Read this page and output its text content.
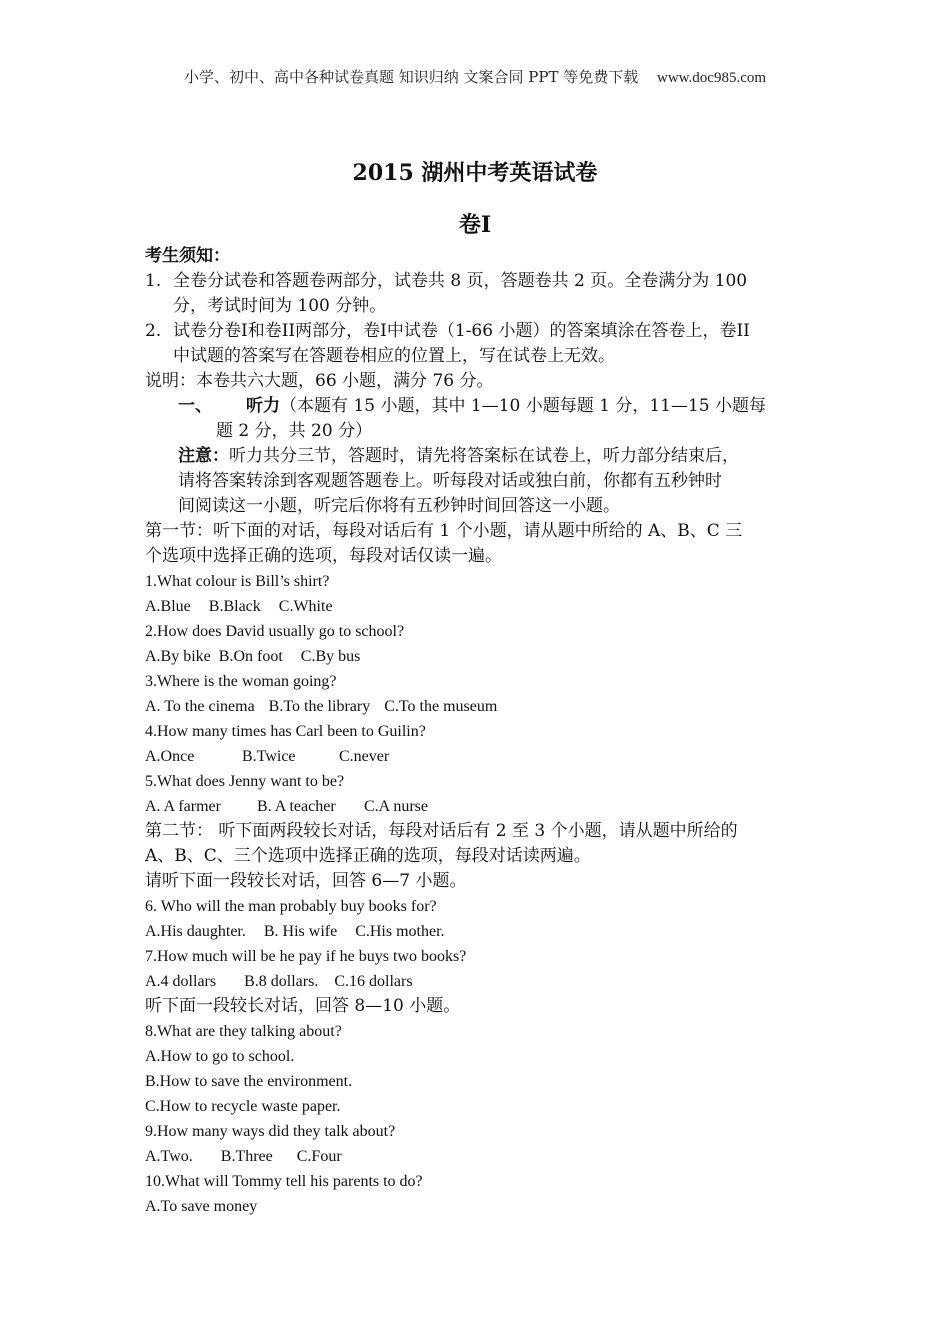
小学、初中、高中各种试卷真题 知识归纳 文案合同 PPT 等免费下载 www.doc985.com
2015 湖州中考英语试卷
卷I
考生须知：
1. 全卷分试卷和答题卷两部分，试卷共 8 页，答题卷共 2 页。全卷满分为 100
分，考试时间为 100 分钟。
2. 试卷分卷I和卷II两部分，卷I中试卷（1-66 小题）的答案填涂在答卷上，卷II
中试题的答案写在答题卷相应的位置上，写在试卷上无效。
说明：本卷共六大题，66 小题，满分 76 分。
一、 听力（本题有 15 小题，其中 1—10 小题每题 1 分，11—15 小题每
题 2 分，共 20 分）
注意：听力共分三节，答题时，请先将答案标在试卷上，听力部分结束后，
请将答案转涂到客观题答题卷上。听每段对话或独白前，你都有五秒钟时
间阅读这一小题，听完后你将有五秒钟时间回答这一小题。
第一节：听下面的对话，每段对话后有 1 个小题，请从题中所给的 A、B、C 三
个选项中选择正确的选项，每段对话仅读一遍。
1.What colour is Bill’s shirt?
A.Blue B.Black C.White
2.How does David usually go to school?
A.By bike B.On foot C.By bus
3.Where is the woman going?
A. To the cinema B.To the library C.To the museum
4.How many times has Carl been to Guilin?
A.Once	B.Twice	C.never
5.What does Jenny want to be?
A. A farmer B. A teacher C.A nurse
第二节： 听下面两段较长对话，每段对话后有 2 至 3 个小题，请从题中所给的
A、B、C、三个选项中选择正确的选项，每段对话读两遍。
请听下面一段较长对话，回答 6—7 小题。
6. Who will the man probably buy books for?
A.His daughter. B. His wife C.His mother.
7.How much will be he pay if he buys two books?
A.4 dollars B.8 dollars. C.16 dollars
听下面一段较长对话，回答 8—10 小题。
8.What are they talking about?
A.How to go to school.
B.How to save the environment.
C.How to recycle waste paper.
9.How many ways did they talk about?
A.Two. B.Three C.Four
10.What will Tommy tell his parents to do?
A.To save money
